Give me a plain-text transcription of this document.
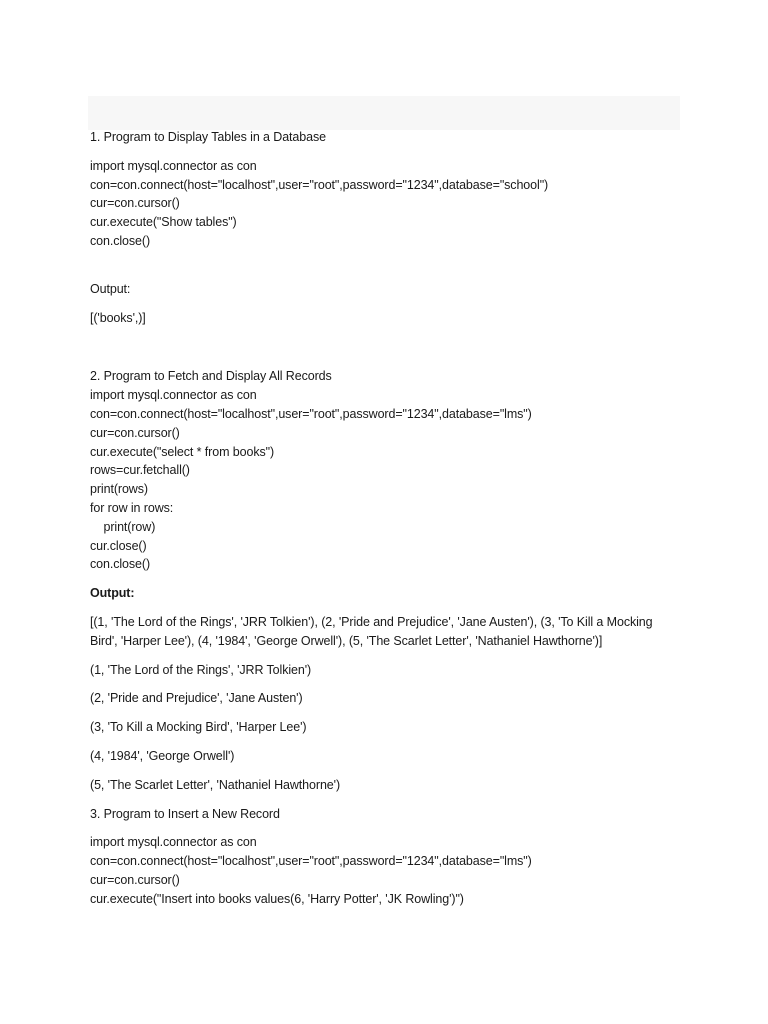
1. Program to Display Tables in a Database
import mysql.connector as con
con=con.connect(host="localhost",user="root",password="1234",database="school")
cur=con.cursor()
cur.execute("Show tables")
con.close()
Output:
[('books',)]
2. Program to Fetch and Display All Records
import mysql.connector as con
con=con.connect(host="localhost",user="root",password="1234",database="lms")
cur=con.cursor()
cur.execute("select * from books")
rows=cur.fetchall()
print(rows)
for row in rows:
print(row)
cur.close()
con.close()
Output:
[(1, 'The Lord of the Rings', 'JRR Tolkien'), (2, 'Pride and Prejudice', 'Jane Austen'), (3, 'To Kill a Mocking Bird', 'Harper Lee'), (4, '1984', 'George Orwell'), (5, 'The Scarlet Letter', 'Nathaniel Hawthorne')]
(1, 'The Lord of the Rings', 'JRR Tolkien')
(2, 'Pride and Prejudice', 'Jane Austen')
(3, 'To Kill a Mocking Bird', 'Harper Lee')
(4, '1984', 'George Orwell')
(5, 'The Scarlet Letter', 'Nathaniel Hawthorne')
3. Program to Insert a New Record
import mysql.connector as con
con=con.connect(host="localhost",user="root",password="1234",database="lms")
cur=con.cursor()
cur.execute("Insert into books values(6, 'Harry Potter', 'JK Rowling')")
